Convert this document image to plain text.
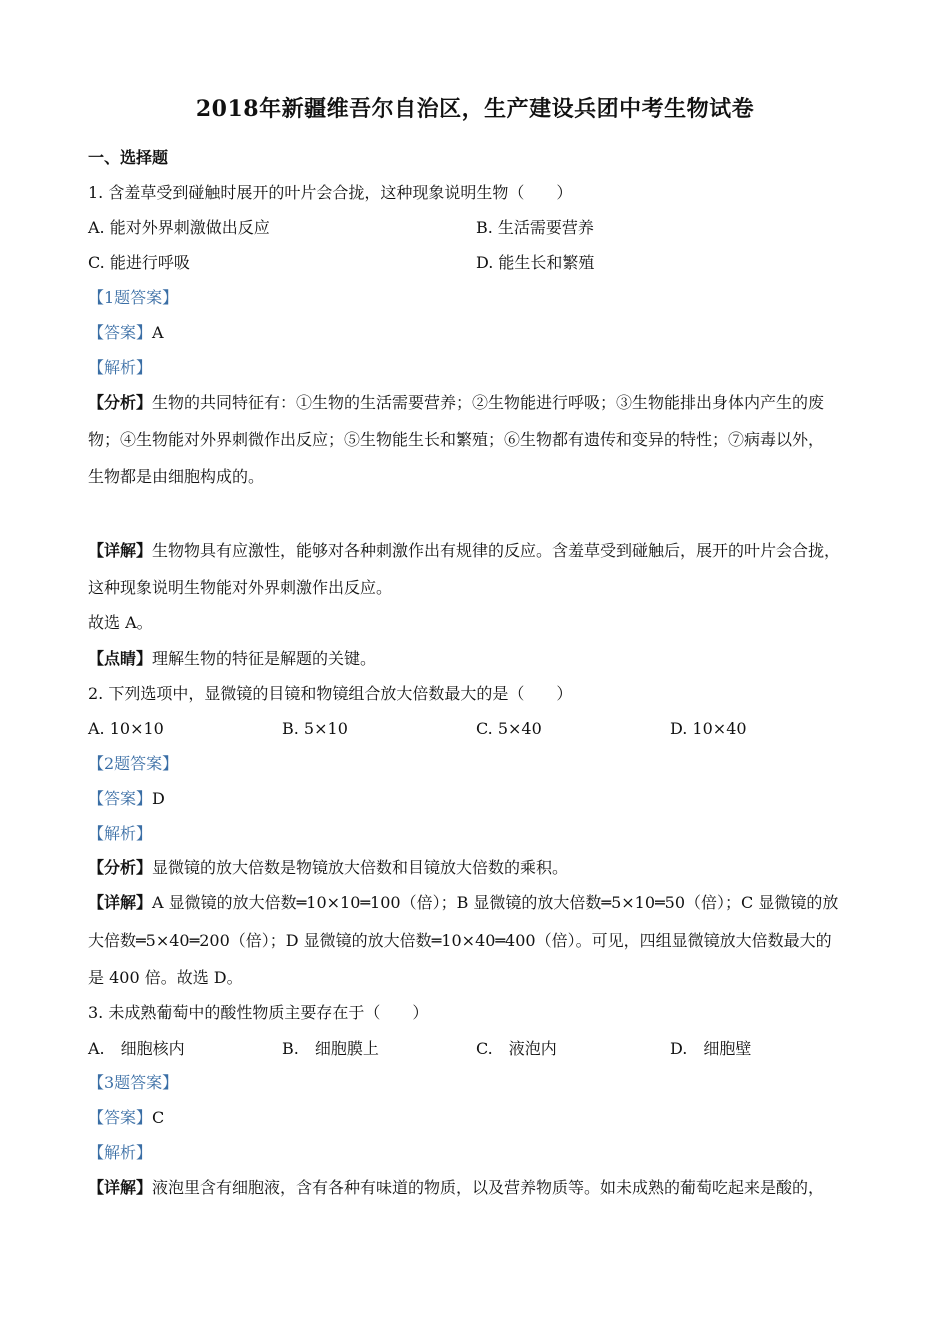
2018年新疆维吾尔自治区，生产建设兵团中考生物试卷
一、选择题
1. 含羞草受到碰触时展开的叶片会合拢，这种现象说明生物（　　）
A. 能对外界刺激做出反应	B. 生活需要营养
C. 能进行呼吸	D. 能生长和繁殖
【1题答案】
【答案】A
【解析】
【分析】生物的共同特征有：①生物的生活需要营养；②生物能进行呼吸；③生物能排出身体内产生的废
物；④生物能对外界刺微作出反应；⑤生物能生长和繁殖；⑥生物都有遗传和变异的特性；⑦病毒以外，
生物都是由细胞构成的。
【详解】生物物具有应激性，能够对各种刺激作出有规律的反应。含羞草受到碰触后，展开的叶片会合拢，
这种现象说明生物能对外界刺激作出反应。
故选 A。
【点睛】理解生物的特征是解题的关键。
2. 下列选项中，显微镜的目镜和物镜组合放大倍数最大的是（　　）
A. 10×10	B. 5×10	C. 5×40	D. 10×40
【2题答案】
【答案】D
【解析】
【分析】显微镜的放大倍数是物镜放大倍数和目镜放大倍数的乘积。
【详解】A 显微镜的放大倍数═10×10═100（倍）；B 显微镜的放大倍数═5×10═50（倍）；C 显微镜的放
大倍数═5×40═200（倍）；D 显微镜的放大倍数═10×40═400（倍）。可见，四组显微镜放大倍数最大的
是 400 倍。故选 D。
3. 未成熟葡萄中的酸性物质主要存在于（　　）
A.　细胞核内	B.　细胞膜上	C.　液泡内	D.　细胞壁
【3题答案】
【答案】C
【解析】
【详解】液泡里含有细胞液，含有各种有味道的物质，以及营养物质等。如未成熟的葡萄吃起来是酸的，
